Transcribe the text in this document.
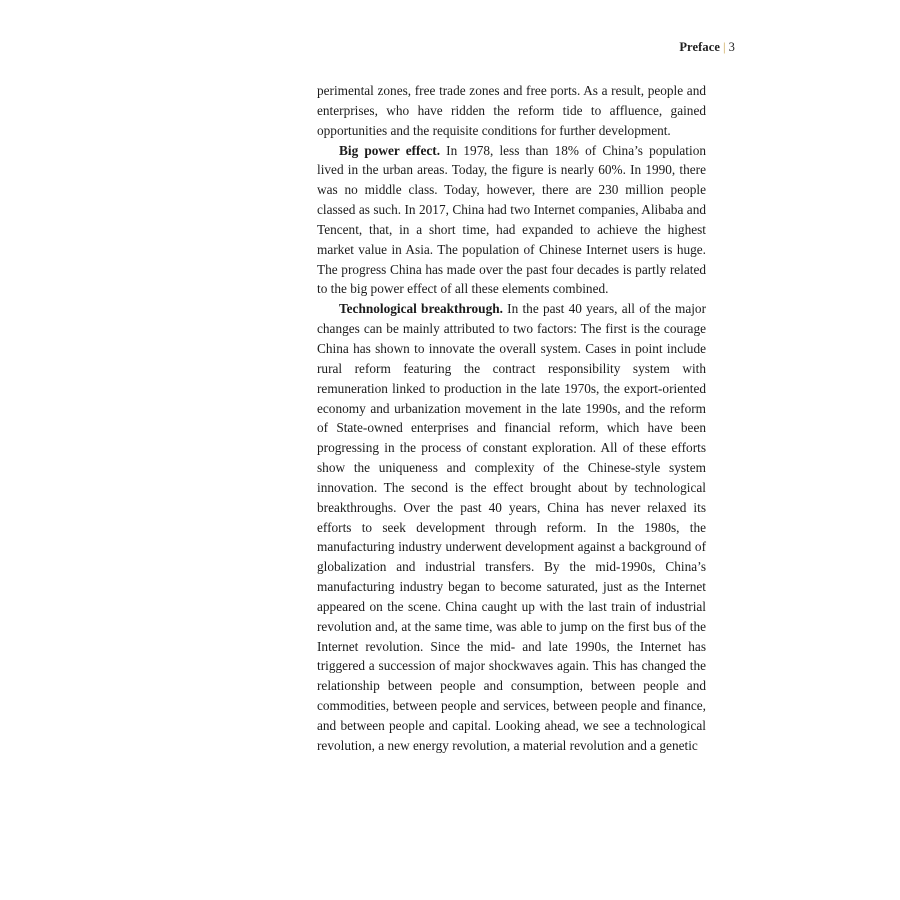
Preface | 3

perimental zones, free trade zones and free ports. As a result, people and enterprises, who have ridden the reform tide to affluence, gained opportunities and the requisite conditions for further development.

Big power effect. In 1978, less than 18% of China’s population lived in the urban areas. Today, the figure is nearly 60%. In 1990, there was no middle class. Today, however, there are 230 million people classed as such. In 2017, China had two Internet companies, Alibaba and Tencent, that, in a short time, had expanded to achieve the highest market value in Asia. The population of Chinese Internet users is huge. The progress China has made over the past four decades is partly related to the big power effect of all these elements combined.

Technological breakthrough. In the past 40 years, all of the major changes can be mainly attributed to two factors: The first is the courage China has shown to innovate the overall system. Cases in point include rural reform featuring the contract responsibility system with remuneration linked to production in the late 1970s, the export-oriented economy and urbanization movement in the late 1990s, and the reform of State-owned enterprises and financial reform, which have been progressing in the process of constant exploration. All of these efforts show the uniqueness and complexity of the Chinese-style system innovation. The second is the effect brought about by technological breakthroughs. Over the past 40 years, China has never relaxed its efforts to seek development through reform. In the 1980s, the manufacturing industry underwent development against a background of globalization and industrial transfers. By the mid-1990s, China’s manufacturing industry began to become saturated, just as the Internet appeared on the scene. China caught up with the last train of industrial revolution and, at the same time, was able to jump on the first bus of the Internet revolution. Since the mid- and late 1990s, the Internet has triggered a succession of major shockwaves again. This has changed the relationship between people and consumption, between people and commodities, between people and services, between people and finance, and between people and capital. Looking ahead, we see a technological revolution, a new energy revolution, a material revolution and a genetic
